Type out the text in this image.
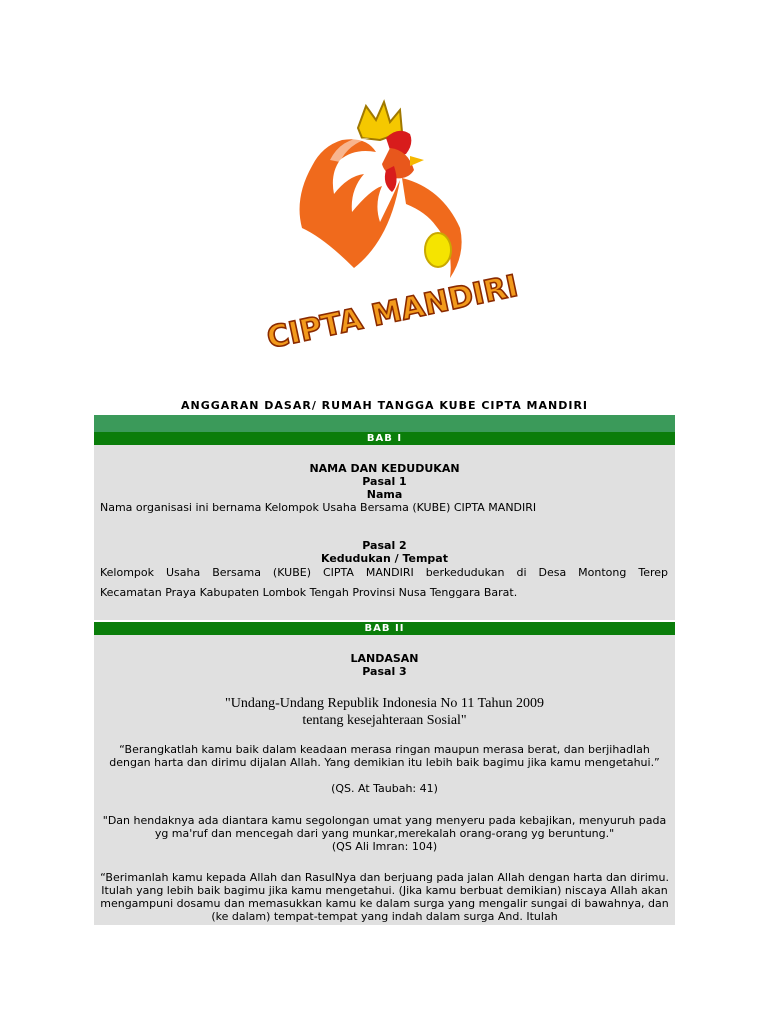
CIPTA MANDIRI
ANGGARAN DASAR/ RUMAH TANGGA KUBE CIPTA MANDIRI
BAB I
NAMA DAN KEDUDUKAN
Pasal 1
Nama
Nama organisasi ini bernama Kelompok Usaha Bersama (KUBE) CIPTA MANDIRI
Pasal 2
Kedudukan / Tempat
Kelompok Usaha Bersama (KUBE) CIPTA MANDIRI berkedudukan di Desa Montong Terep
Kecamatan Praya Kabupaten Lombok Tengah Provinsi Nusa Tenggara Barat.
BAB II
LANDASAN
Pasal 3
"Undang-Undang Republik Indonesia No 11 Tahun 2009
tentang kesejahteraan Sosial"
“Berangkatlah kamu baik dalam keadaan merasa ringan maupun merasa berat, dan berjihadlah dengan harta dan dirimu dijalan Allah. Yang demikian itu lebih baik bagimu jika kamu mengetahui.”
(QS. At Taubah: 41)
"Dan hendaknya ada diantara kamu segolongan umat yang menyeru pada kebajikan, menyuruh pada yg ma'ruf dan mencegah dari yang munkar,merekalah orang-orang yg beruntung."
(QS Ali Imran: 104)
“Berimanlah kamu kepada Allah dan RasulNya dan berjuang pada jalan Allah dengan harta dan dirimu. Itulah yang lebih baik bagimu jika kamu mengetahui. (Jika kamu berbuat demikian) niscaya Allah akan mengampuni dosamu dan memasukkan kamu ke dalam surga yang mengalir sungai di bawahnya, dan (ke dalam) tempat-tempat yang indah dalam surga And. Itulah
